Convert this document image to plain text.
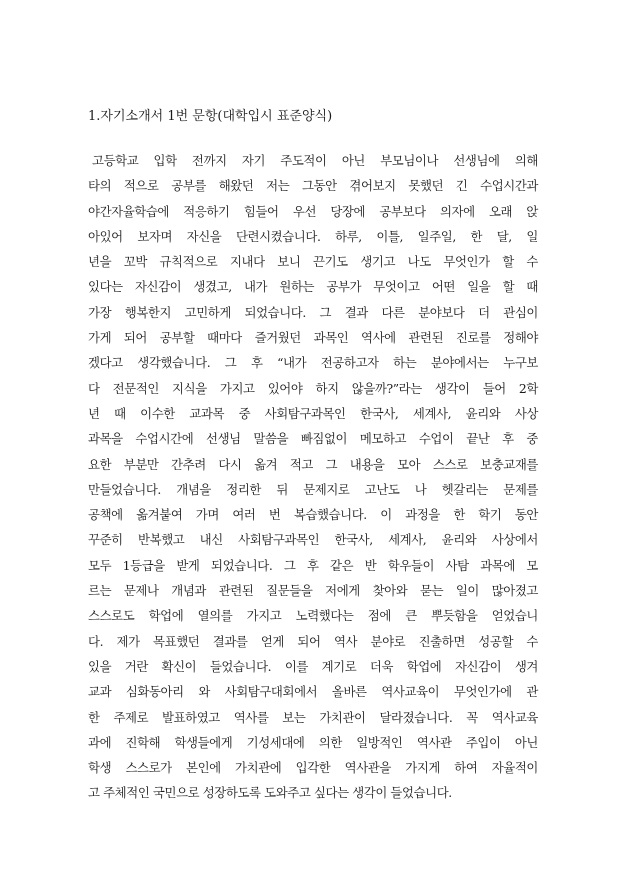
1.자기소개서 1번 문항(대학입시 표준양식)
고등학교 입학 전까지 자기 주도적이 아닌 부모님이나 선생님에 의해
타의 적으로 공부를 해왔던 저는 그동안 겪어보지 못했던 긴 수업시간과
야간자율학습에 적응하기 힘들어 우선 당장에 공부보다 의자에 오래 앉
아있어 보자며 자신을 단련시켰습니다. 하루, 이틀, 일주일, 한 달, 일
년을 꼬박 규칙적으로 지내다 보니 끈기도 생기고 나도 무엇인가 할 수
있다는 자신감이 생겼고, 내가 원하는 공부가 무엇이고 어떤 일을 할 때
가장 행복한지 고민하게 되었습니다. 그 결과 다른 분야보다 더 관심이
가게 되어 공부할 때마다 즐거웠던 과목인 역사에 관련된 진로를 정해야
겠다고 생각했습니다. 그 후 “내가 전공하고자 하는 분야에서는 누구보
다 전문적인 지식을 가지고 있어야 하지 않을까?”라는 생각이 들어 2학
년 때 이수한 교과목 중 사회탐구과목인 한국사, 세계사, 윤리와 사상
과목을 수업시간에 선생님 말씀을 빠짐없이 메모하고 수업이 끝난 후 중
요한 부분만 간추려 다시 옮겨 적고 그 내용을 모아 스스로 보충교재를
만들었습니다. 개념을 정리한 뒤 문제지로 고난도 나 헷갈리는 문제를
공책에 옮겨붙여 가며 여러 번 복습했습니다. 이 과정을 한 학기 동안
꾸준히 반복했고 내신 사회탐구과목인 한국사, 세계사, 윤리와 사상에서
모두 1등급을 받게 되었습니다. 그 후 같은 반 학우들이 사탐 과목에 모
르는 문제나 개념과 관련된 질문들을 저에게 찾아와 묻는 일이 많아졌고
스스로도 학업에 열의를 가지고 노력했다는 점에 큰 뿌듯함을 얻었습니
다. 제가 목표했던 결과를 얻게 되어 역사 분야로 진출하면 성공할 수
있을 거란 확신이 들었습니다. 이를 계기로 더욱 학업에 자신감이 생겨
교과 심화동아리 와 사회탐구대회에서 올바른 역사교육이 무엇인가에 관
한 주제로 발표하였고 역사를 보는 가치관이 달라졌습니다. 꼭 역사교육
과에 진학해 학생들에게 기성세대에 의한 일방적인 역사관 주입이 아닌
학생 스스로가 본인에 가치관에 입각한 역사관을 가지게 하여 자율적이
고 주체적인 국민으로 성장하도록 도와주고 싶다는 생각이 들었습니다.
